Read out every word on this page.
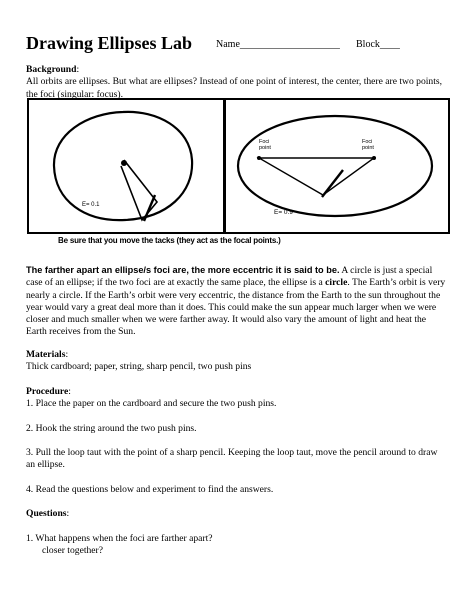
Drawing Ellipses Lab Name____________________ Block____
Background:
All orbits are ellipses. But what are ellipses? Instead of one point of interest, the center, there are two points, the foci (singular: focus).
E= 0.1
Foci point
Foci point
E= 0.9
Be sure that you move the tacks (they act as the focal points.)
The farther apart an ellipse/s foci are, the more eccentric it is said to be. A circle is just a special case of an ellipse; if the two foci are at exactly the same place, the ellipse is a circle. The Earth’s orbit is very nearly a circle. If the Earth’s orbit were very eccentric, the distance from the Earth to the sun throughout the year would vary a great deal more than it does. This could make the sun appear much larger when we were closer and much smaller when we were farther away. It would also vary the amount of light and heat the Earth receives from the Sun.
Materials:
Thick cardboard; paper, string, sharp pencil, two push pins
Procedure:
1. Place the paper on the cardboard and secure the two push pins.
2. Hook the string around the two push pins.
3. Pull the loop taut with the point of a sharp pencil. Keeping the loop taut, move the pencil around to draw an ellipse.
4. Read the questions below and experiment to find the answers.
Questions:
1. What happens when the foci are farther apart?
closer together?
